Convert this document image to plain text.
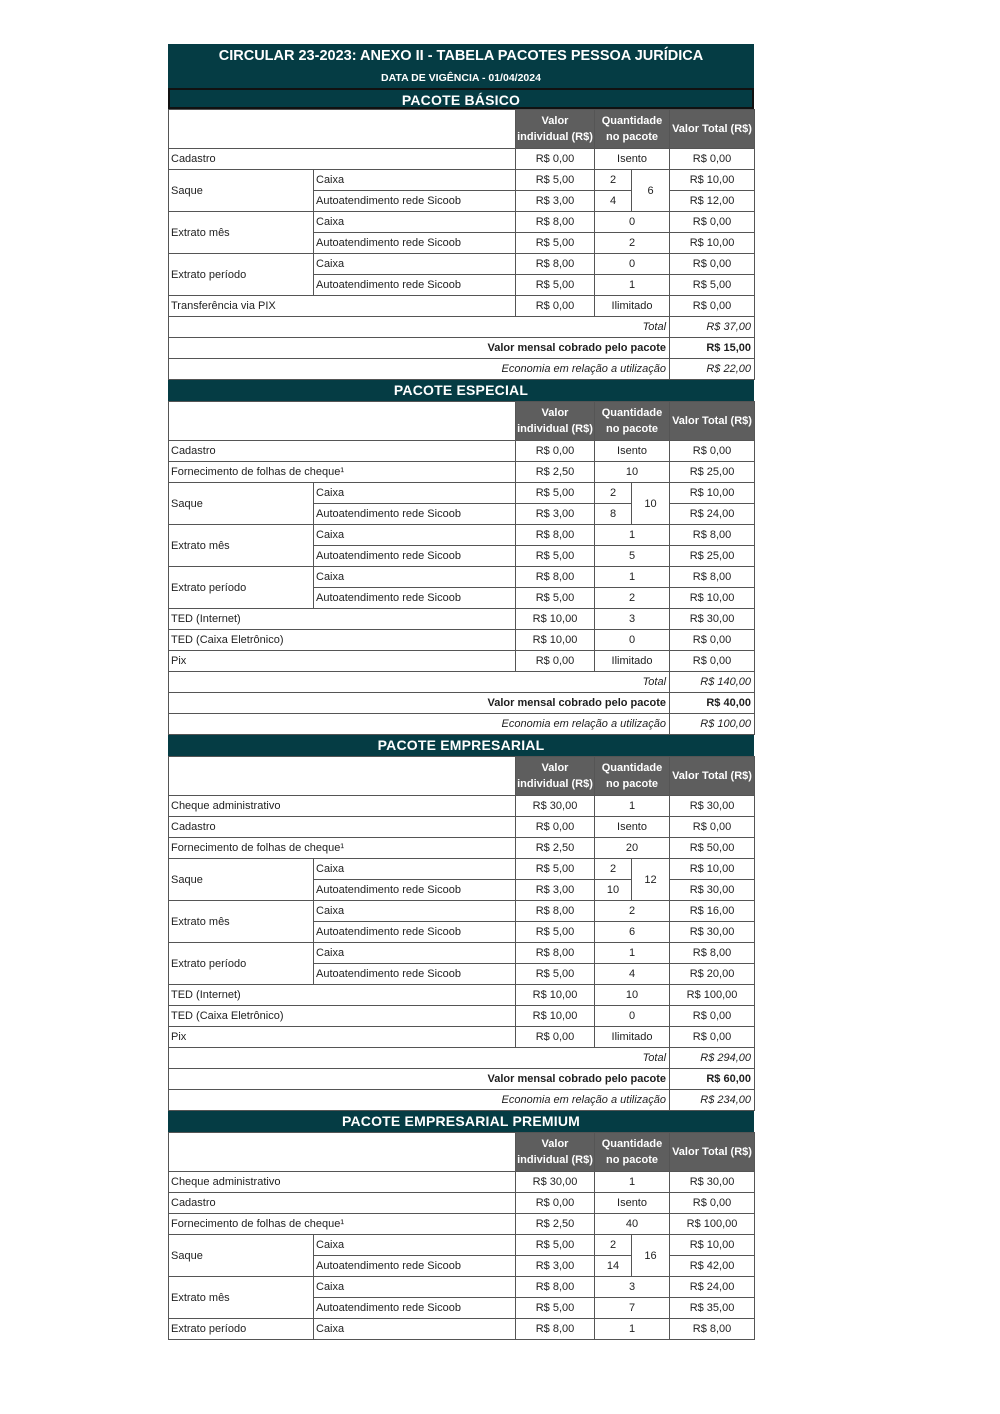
CIRCULAR 23-2023: ANEXO II - TABELA PACOTES PESSOA JURÍDICA
DATA DE VIGÊNCIA - 01/04/2024
PACOTE BÁSICO
		Valor individual (R$)	Quantidade no pacote		Valor Total (R$)
Cadastro		R$ 0,00	Isento		R$ 0,00
Saque	Caixa	R$ 5,00	2	6	R$ 10,00
	Autoatendimento rede Sicoob	R$ 3,00	4		R$ 12,00
Extrato mês	Caixa	R$ 8,00	0		R$ 0,00
	Autoatendimento rede Sicoob	R$ 5,00	2		R$ 10,00
Extrato período	Caixa	R$ 8,00	0		R$ 0,00
	Autoatendimento rede Sicoob	R$ 5,00	1		R$ 5,00
Transferência via PIX		R$ 0,00	Ilimitado		R$ 0,00
Total					R$ 37,00
Valor mensal cobrado pelo pacote					R$ 15,00
Economia em relação a utilização					R$ 22,00
PACOTE ESPECIAL
		Valor individual (R$)	Quantidade no pacote		Valor Total (R$)
Cadastro		R$ 0,00	Isento		R$ 0,00
Fornecimento de folhas de cheque¹		R$ 2,50	10		R$ 25,00
Saque	Caixa	R$ 5,00	2	10	R$ 10,00
	Autoatendimento rede Sicoob	R$ 3,00	8		R$ 24,00
Extrato mês	Caixa	R$ 8,00	1		R$ 8,00
	Autoatendimento rede Sicoob	R$ 5,00	5		R$ 25,00
Extrato período	Caixa	R$ 8,00	1		R$ 8,00
	Autoatendimento rede Sicoob	R$ 5,00	2		R$ 10,00
TED (Internet)		R$ 10,00	3		R$ 30,00
TED (Caixa Eletrônico)		R$ 10,00	0		R$ 0,00
Pix		R$ 0,00	Ilimitado		R$ 0,00
Total					R$ 140,00
Valor mensal cobrado pelo pacote					R$ 40,00
Economia em relação a utilização					R$ 100,00
PACOTE EMPRESARIAL
		Valor individual (R$)	Quantidade no pacote		Valor Total (R$)
Cheque administrativo		R$ 30,00	1		R$ 30,00
Cadastro		R$ 0,00	Isento		R$ 0,00
Fornecimento de folhas de cheque¹		R$ 2,50	20		R$ 50,00
Saque	Caixa	R$ 5,00	2	12	R$ 10,00
	Autoatendimento rede Sicoob	R$ 3,00	10		R$ 30,00
Extrato mês	Caixa	R$ 8,00	2		R$ 16,00
	Autoatendimento rede Sicoob	R$ 5,00	6		R$ 30,00
Extrato período	Caixa	R$ 8,00	1		R$ 8,00
	Autoatendimento rede Sicoob	R$ 5,00	4		R$ 20,00
TED (Internet)		R$ 10,00	10		R$ 100,00
TED (Caixa Eletrônico)		R$ 10,00	0		R$ 0,00
Pix		R$ 0,00	Ilimitado		R$ 0,00
Total					R$ 294,00
Valor mensal cobrado pelo pacote					R$ 60,00
Economia em relação a utilização					R$ 234,00
PACOTE EMPRESARIAL PREMIUM
		Valor individual (R$)	Quantidade no pacote		Valor Total (R$)
Cheque administrativo		R$ 30,00	1		R$ 30,00
Cadastro		R$ 0,00	Isento		R$ 0,00
Fornecimento de folhas de cheque¹		R$ 2,50	40		R$ 100,00
Saque	Caixa	R$ 5,00	2	16	R$ 10,00
	Autoatendimento rede Sicoob	R$ 3,00	14		R$ 42,00
Extrato mês	Caixa	R$ 8,00	3		R$ 24,00
	Autoatendimento rede Sicoob	R$ 5,00	7		R$ 35,00
Extrato período	Caixa	R$ 8,00	1		R$ 8,00
